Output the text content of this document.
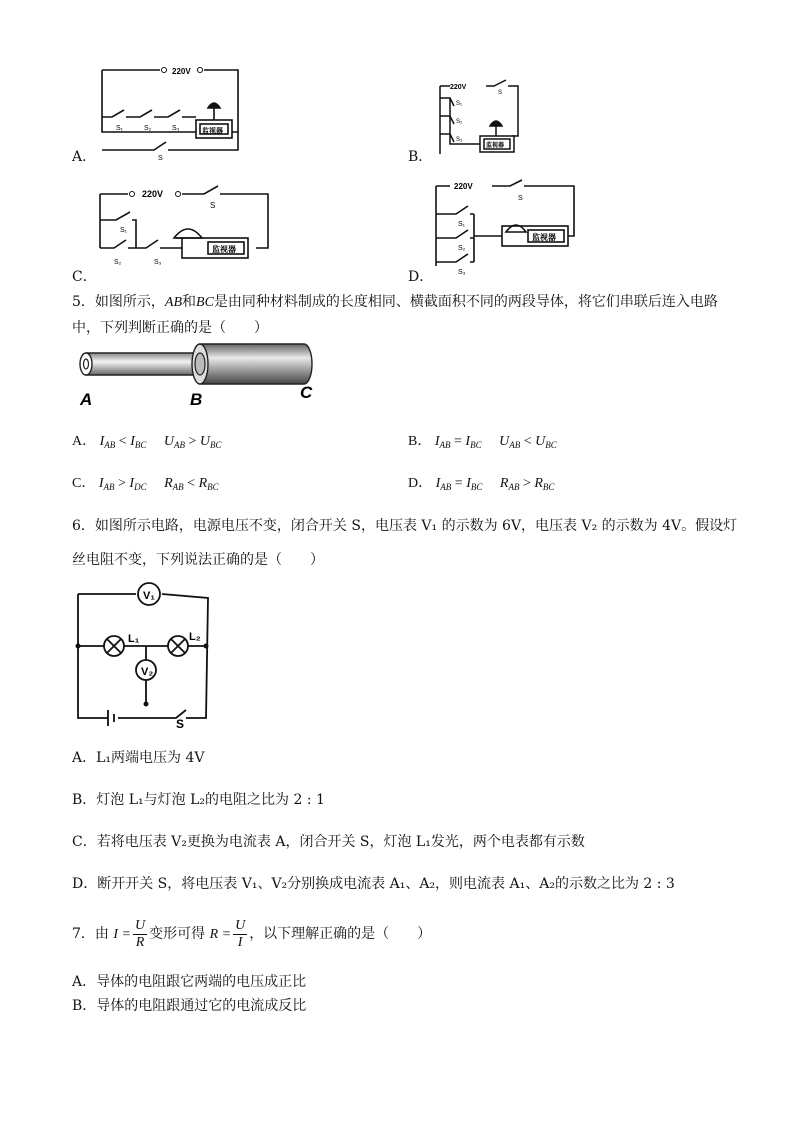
A．
220V
S₁	S₂	S₃
S
监视器
B．
220V
S₁
S₂
S₃
S
监视器
C．
220V
S
S₁
S₂	S₃
监视器
D．
220V
S
S₁
S₂
S₃
监视器
5．如图所示，AB和BC是由同种材料制成的长度相同、横截面积不同的两段导体，将它们串联后连入电路
中，下列判断正确的是（　　）
A	B	C
A． $I_{AB} < I_{BC}$   $U_{AB} > U_{BC}$	B． $I_{AB} = I_{BC}$   $U_{AB} < U_{BC}$
C． $I_{AB} > I_{DC}$   $R_{AB} < R_{BC}$	D． $I_{AB} = I_{BC}$   $R_{AB} > R_{BC}$
6．如图所示电路，电源电压不变，闭合开关 S，电压表 V₁ 的示数为 6V，电压表 V₂ 的示数为 4V。假设灯
丝电阻不变，下列说法正确的是（　　）
V₁
V₂
L₁	L₂
S
A．L₁两端电压为 4V
B．灯泡 L₁与灯泡 L₂的电阻之比为 2 : 1
C．若将电压表 V₂更换为电流表 A，闭合开关 S，灯泡 L₁发光，两个电表都有示数
D．断开开关 S，将电压表 V₁、V₂分别换成电流表 A₁、A₂，则电流表 A₁、A₂的示数之比为 2 : 3
7．由 $I = \frac{U}{R}$ 变形可得 $R = \frac{U}{I}$ ，以下理解正确的是（　　）
A．导体的电阻跟它两端的电压成正比
B．导体的电阻跟通过它的电流成反比
